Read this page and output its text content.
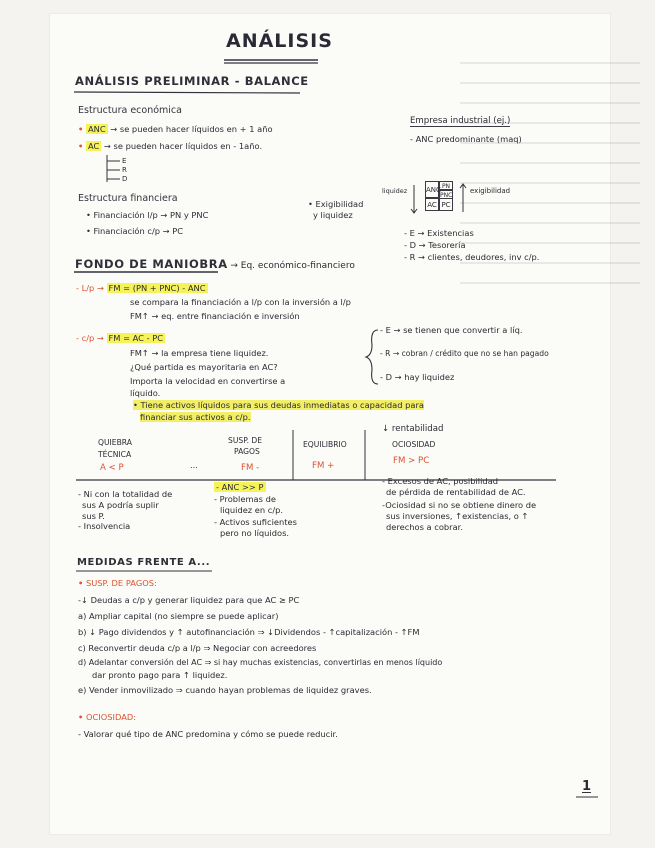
ANÁLISIS
ANÁLISIS PRELIMINAR - BALANCE
Estructura económica
• ANC → se pueden hacer líquidos en + 1 año
• AC → se pueden hacer líquidos en - 1año.
E
R
D
Estructura financiera
• Financiación l/p → PN y PNC
• Financiación c/p → PC
• Exigibilidad
y liquidez
liquidez	exigibilidad
ANC PN
PNC
AC PC
Empresa industrial (ej.)
- ANC predominante (maq)
- E → Existencias
- D → Tesorería
- R → clientes, deudores, inv c/p.
FONDO DE MANIOBRA → Eq. económico-financiero
- L/p → FM = (PN + PNC) - ANC
se compara la financiación a l/p con la inversión a l/p
FM↑ → eq. entre financiación e inversión
- c/p → FM = AC - PC
FM↑ → la empresa tiene liquidez.
¿Qué partida es mayoritaria en AC?
Importa la velocidad en convertirse a
líquido.
- E → se tienen que convertir a líq.
- R → cobran / crédito que no se han pagado
- D → hay liquidez
• Tiene activos líquidos para sus deudas inmediatas o capacidad para
financiar sus activos a c/p.
↓ rentabilidad
QUIEBRA
TÉCNICA
A < P	...
SUSP. DE
PAGOS
FM -
EQUILIBRIO
FM +
OCIOSIDAD
FM > PC
- Ni con la totalidad de
sus A podría suplir
sus P.
- Insolvencia
- ANC >> P
- Problemas de
liquidez en c/p.
- Activos suficientes
pero no líquidos.
- Excesos de AC, posibilidad
de pérdida de rentabilidad de AC.
-Ociosidad si no se obtiene dinero de
sus inversiones, ↑existencias, o ↑
derechos a cobrar.
MEDIDAS FRENTE A...
• SUSP. DE PAGOS:
-↓ Deudas a c/p y generar liquidez para que AC ≥ PC
a) Ampliar capital (no siempre se puede aplicar)
b) ↓ Pago dividendos y ↑ autofinanciación ⇒ ↓Dividendos - ↑capitalización - ↑FM
c) Reconvertir deuda c/p a l/p ⇒ Negociar con acreedores
d) Adelantar conversión del AC ⇒ si hay muchas existencias, convertirlas en menos líquido
dar pronto pago para ↑ liquidez.
e) Vender inmovilizado ⇒ cuando hayan problemas de liquidez graves.
• OCIOSIDAD:
- Valorar qué tipo de ANC predomina y cómo se puede reducir.
1
